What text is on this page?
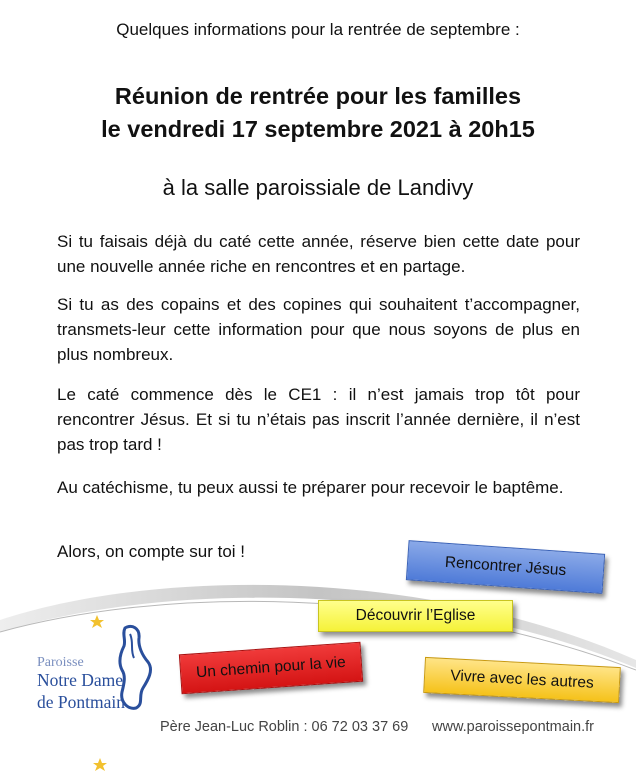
Quelques informations pour la rentrée de septembre :
Réunion de rentrée pour les familles
le vendredi 17 septembre 2021 à 20h15
à la salle paroissiale de Landivy

Si tu faisais déjà du caté cette année, réserve bien cette date pour une nouvelle année riche en rencontres et en partage.

Si tu as des copains et des copines qui souhaitent t’accompagner, transmets-leur cette information pour que nous soyons de plus en plus nombreux.

Le caté commence dès le CE1 : il n’est jamais trop tôt pour rencontrer Jésus. Et si tu n’étais pas inscrit l’année dernière, il n’est pas trop tard !

Au catéchisme, tu peux aussi te préparer pour recevoir le baptême.

Alors, on compte sur toi !

Rencontrer Jésus
Découvrir l’Eglise
Un chemin pour la vie	Vivre avec les autres
Paroisse
Notre Dame
de Pontmain
Père Jean-Luc Roblin : 06 72 03 37 69 www.paroissepontmain.fr
